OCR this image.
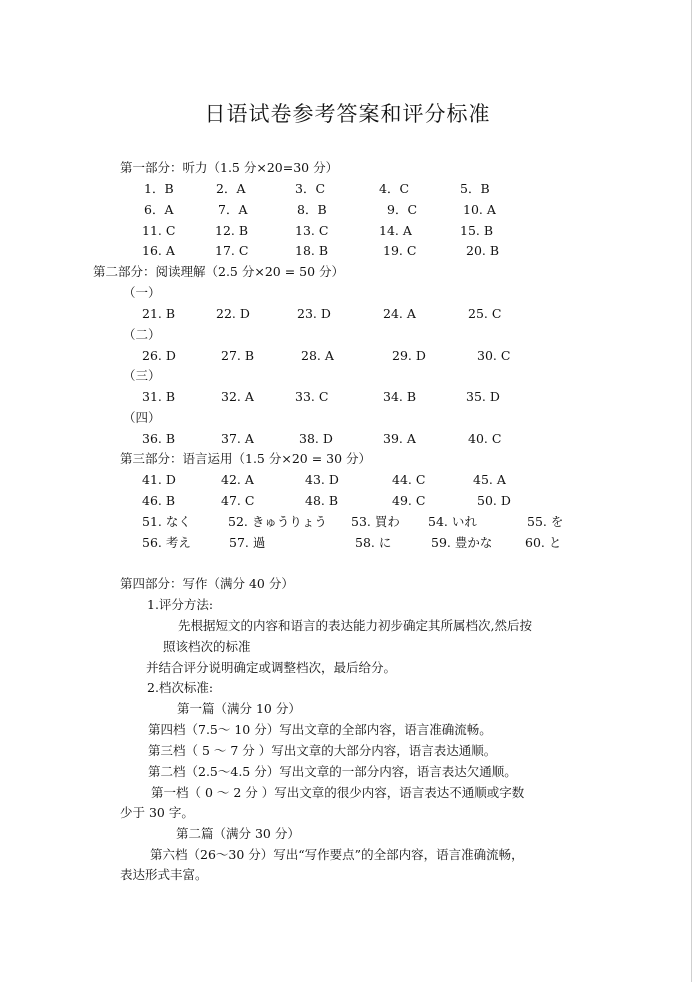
日语试卷参考答案和评分标准
第一部分：听力（1.5 分×20=30 分）
1．B	2．A	3．C	4．C	5．B
6．A	7．A	8．B	9．C	10. A
11. C	12. B	13. C	14. A	15. B
16. A	17. C	18. B	19. C	20. B
第二部分：阅读理解（2.5 分×20 = 50 分）
（一）
21. B	22. D	23. D	24. A	25. C
（二）
26. D	27. B	28. A	29. D	30. C
（三）
31. B	32. A	33. C	34. B	35. D
（四）
36. B	37. A	38. D	39. A	40. C
第三部分：语言运用（1.5 分×20 = 30 分）
41. D	42. A	43. D	44. C	45. A
46. B	47. C	48. B	49. C	50. D
51. なく	52. きゅうりょう 53. 買わ 54. いれ	55. を
56. 考え	57. 過	58. に	59. 豊かな	60. と
第四部分：写作（满分 40 分）
1.评分方法:
先根据短文的内容和语言的表达能力初步确定其所属档次,然后按
照该档次的标准
并结合评分说明确定或调整档次，最后给分。
2.档次标准:
第一篇（满分 10 分）
第四档（7.5～ 10 分）写出文章的全部内容，语言准确流畅。
第三档（ 5 ～ 7 分 ）写出文章的大部分内容，语言表达通顺。
第二档（2.5～4.5 分）写出文章的一部分内容，语言表达欠通顺。
第一档（ 0 ～ 2 分 ）写出文章的很少内容，语言表达不通顺或字数
少于 30 字。
第二篇（满分 30 分）
第六档（26～30 分）写出“写作要点”的全部内容，语言准确流畅，
表达形式丰富。
